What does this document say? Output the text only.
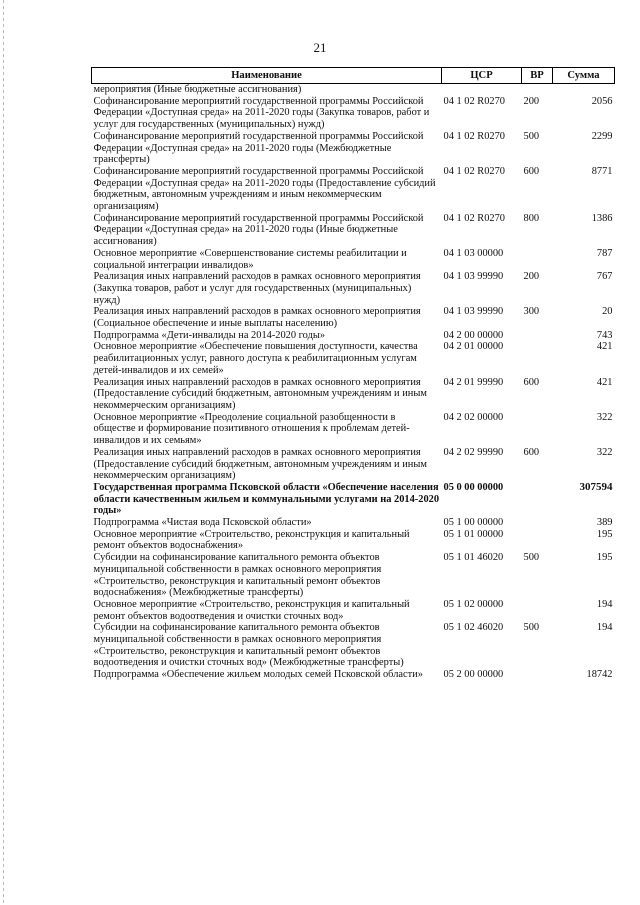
21
Наименование	ЦСР	ВР	Сумма
мероприятия (Иные бюджетные ассигнования)			
Софинансирование мероприятий государственной программы Российской Федерации «Доступная среда» на 2011-2020 годы (Закупка товаров, работ и услуг для государственных (муниципальных) нужд)	04 1 02 R0270	200	2056
Софинансирование мероприятий государственной программы Российской Федерации «Доступная среда» на 2011-2020 годы (Межбюджетные трансферты)	04 1 02 R0270	500	2299
Софинансирование мероприятий государственной программы Российской Федерации «Доступная среда» на 2011-2020 годы (Предоставление субсидий бюджетным, автономным учреждениям и иным некоммерческим организациям)	04 1 02 R0270	600	8771
Софинансирование мероприятий государственной программы Российской Федерации «Доступная среда» на 2011-2020 годы (Иные бюджетные ассигнования)	04 1 02 R0270	800	1386
Основное мероприятие «Совершенствование системы реабилитации и социальной интеграции инвалидов»	04 1 03 00000		787
Реализация иных направлений расходов в рамках основного мероприятия (Закупка товаров, работ и услуг для государственных (муниципальных) нужд)	04 1 03 99990	200	767
Реализация иных направлений расходов в рамках основного мероприятия (Социальное обеспечение и иные выплаты населению)	04 1 03 99990	300	20
Подпрограмма «Дети-инвалиды на 2014-2020 годы»	04 2 00 00000		743
Основное мероприятие «Обеспечение повышения доступности, качества реабилитационных услуг, равного доступа к реабилитационным услугам детей-инвалидов и их семей»	04 2 01 00000		421
Реализация иных направлений расходов в рамках основного мероприятия (Предоставление субсидий бюджетным, автономным учреждениям и иным некоммерческим организациям)	04 2 01 99990	600	421
Основное мероприятие «Преодоление социальной разобщенности в обществе и формирование позитивного отношения к проблемам детей-инвалидов и их семьям»	04 2 02 00000		322
Реализация иных направлений расходов в рамках основного мероприятия (Предоставление субсидий бюджетным, автономным учреждениям и иным некоммерческим организациям)	04 2 02 99990	600	322
Государственная программа Псковской области «Обеспечение населения области качественным жильем и коммунальными услугами на 2014-2020 годы»	05 0 00 00000		307594
Подпрограмма «Чистая вода Псковской области»	05 1 00 00000		389
Основное мероприятие «Строительство, реконструкция и капитальный ремонт объектов водоснабжения»	05 1 01 00000		195
Субсидии на софинансирование капитального ремонта объектов муниципальной собственности в рамках основного мероприятия «Строительство, реконструкция и капитальный ремонт объектов водоснабжения» (Межбюджетные трансферты)	05 1 01 46020	500	195
Основное мероприятие «Строительство, реконструкция и капитальный ремонт объектов водоотведения и очистки сточных вод»	05 1 02 00000		194
Субсидии на софинансирование капитального ремонта объектов муниципальной собственности в рамках основного мероприятия «Строительство, реконструкция и капитальный ремонт объектов водоотведения и очистки сточных вод» (Межбюджетные трансферты)	05 1 02 46020	500	194
Подпрограмма «Обеспечение жильем молодых семей Псковской области»	05 2 00 00000		18742
